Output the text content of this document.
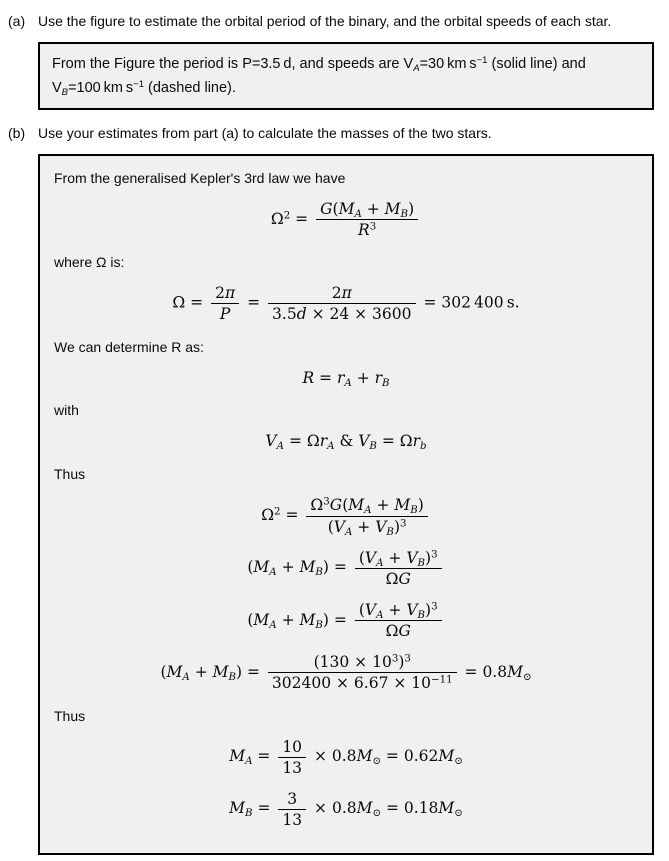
(a) Use the figure to estimate the orbital period of the binary, and the orbital speeds of each star.

From the Figure the period is P=3.5 d, and speeds are $V_A=30$ km $s^{-1}$ (solid line) and $V_B=100$ km $s^{-1}$ (dashed line).

(b) Use your estimates from part (a) to calculate the masses of the two stars.

From the generalised Kepler's 3rd law we have

$\Omega^2 = \frac{G(M_A + M_B)}{R^3}$

where Ω is:

$\Omega = \frac{2\pi}{P} = \frac{2\pi}{3.5d \times 24 \times 3600} = 302$ 400 s.

We can determine R as:

$R = r_A + r_B$

with

$V_A = \Omega r_A$ & $V_B = \Omega r_b$

Thus

$\Omega^2 = \frac{\Omega^3G(M_A + M_B)}{(V_A + V_B)^3}$
$(M_A + M_B) = \frac{(V_A + V_B)^3}{\Omega G}$
$(M_A + M_B) = \frac{(V_A + V_B)^3}{\Omega G}$
$(M_A + M_B) = \frac{(130 \times 10^3)^3}{302400 \times 6.67 \times 10^{-11}} = 0.8M_⊙$

Thus

$M_A = \frac{10}{13} \times 0.8M_⊙ = 0.62M_⊙$
$M_B = \frac{3}{13} \times 0.8M_⊙ = 0.18M_⊙$
